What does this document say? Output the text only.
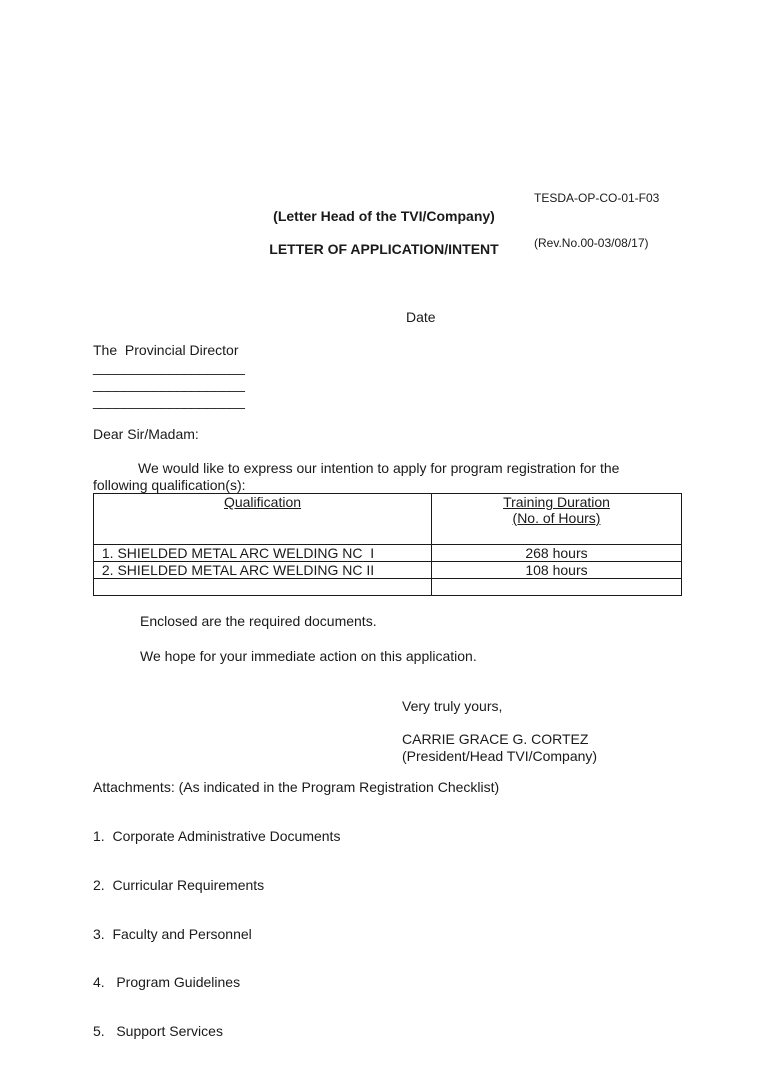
TESDA-OP-CO-01-F03

(Rev.No.00-03/08/17)

(Letter Head of the TVI/Company)
LETTER OF APPLICATION/INTENT
Date
The  Provincial Director
____________________
____________________
____________________
Dear Sir/Madam:
We would like to express our intention to apply for program registration for the
following qualification(s):
Qualification	Training Duration
(No. of Hours)

1. SHIELDED METAL ARC WELDING NC  I	268 hours
2. SHIELDED METAL ARC WELDING NC II	108 hours

Enclosed are the required documents.
We hope for your immediate action on this application.
Very truly yours,
CARRIE GRACE G. CORTEZ
(President/Head TVI/Company)
Attachments: (As indicated in the Program Registration Checklist)

1.  Corporate Administrative Documents

2.  Curricular Requirements

3.  Faculty and Personnel

4.   Program Guidelines

5.   Support Services
